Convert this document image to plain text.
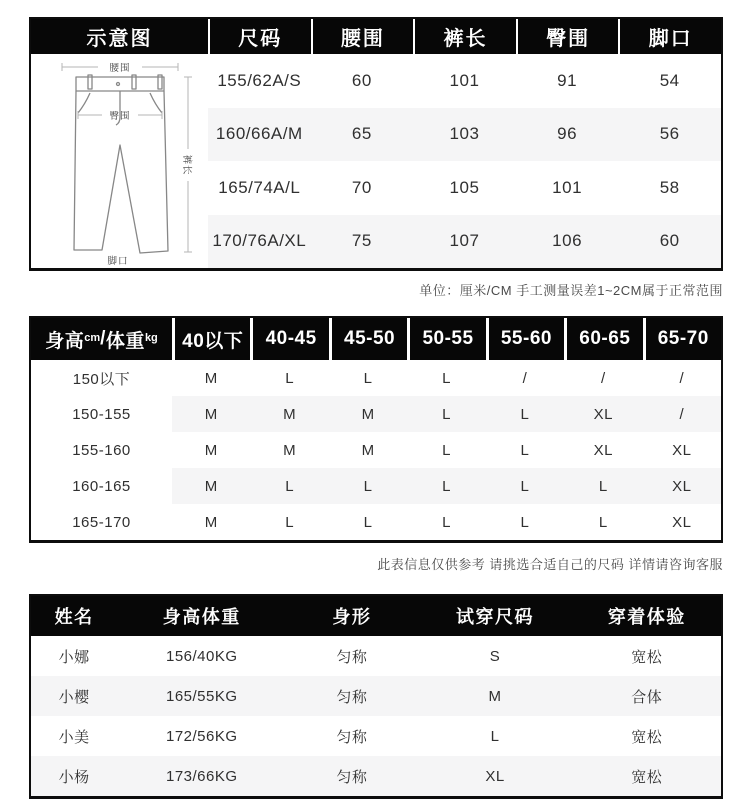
示意图	尺码	腰围	裤长	臀围	脚口
腰围
臀围
裤长
脚口
155/62A/S	60	101	91	54
160/66A/M	65	103	96	56
165/74A/L	70	105	101	58
170/76A/XL	75	107	106	60
单位：厘米/CM 手工测量误差1~2CM属于正常范围
身高 cm / 体重 kg	40以下	40-45	45-50	50-55	55-60	60-65	65-70
150以下	M	L	L	L	/	/	/
150-155	M	M	M	L	L	XL	/
155-160	M	M	M	L	L	XL	XL
160-165	M	L	L	L	L	L	XL
165-170	M	L	L	L	L	L	XL
此表信息仅供参考 请挑选合适自己的尺码 详情请咨询客服
姓名	身高体重	身形	试穿尺码	穿着体验
小娜	156/40KG	匀称	S	宽松
小樱	165/55KG	匀称	M	合体
小美	172/56KG	匀称	L	宽松
小杨	173/66KG	匀称	XL	宽松
